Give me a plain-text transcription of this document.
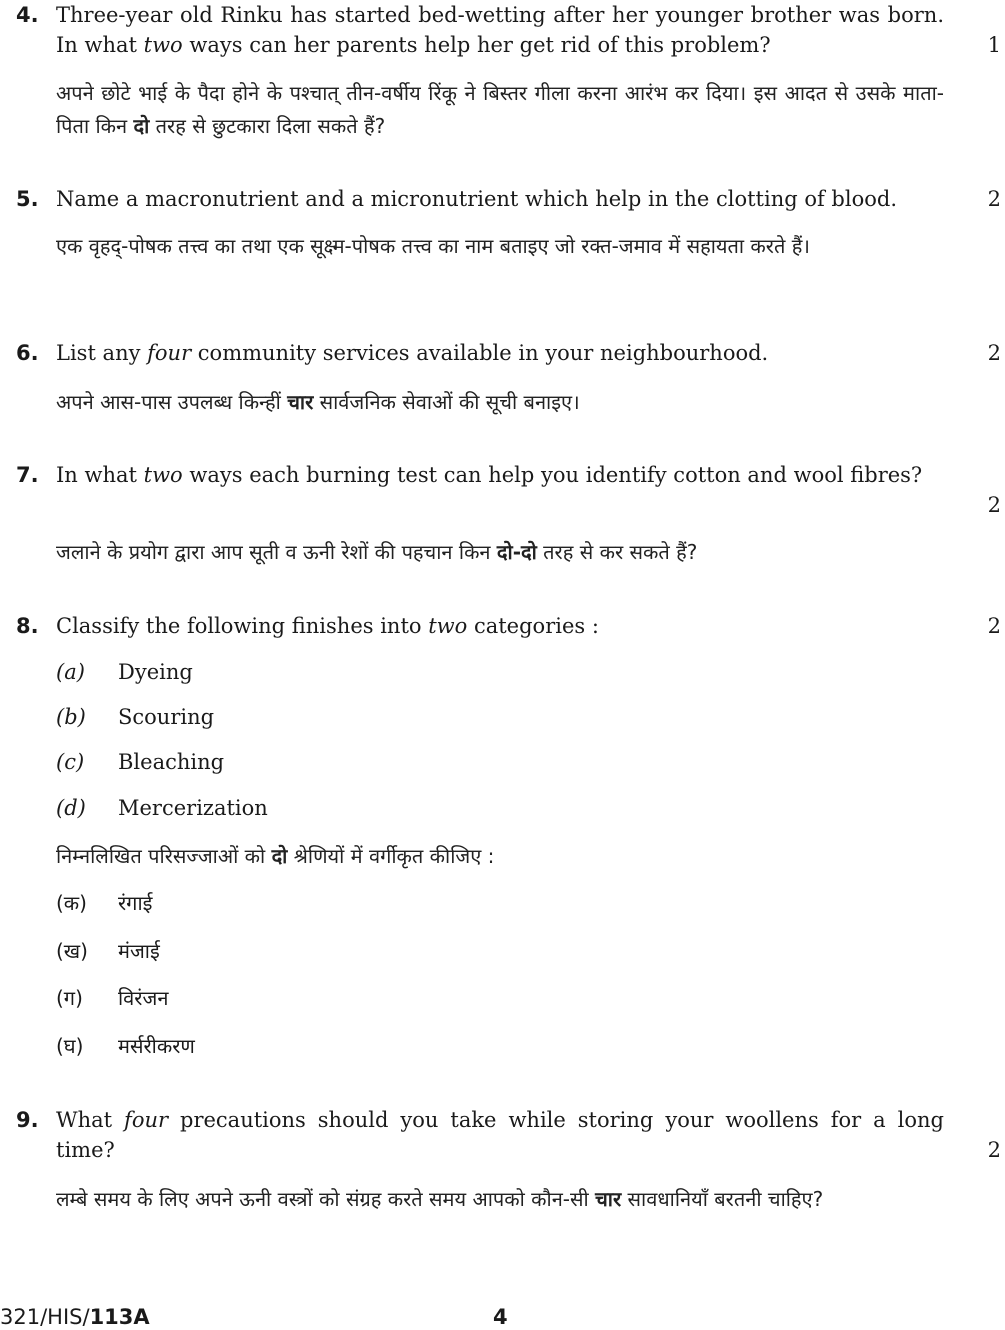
4. Three-year old Rinku has started bed-wetting after her younger brother was born. In what two ways can her parents help her get rid of this problem?	1
अपने छोटे भाई के पैदा होने के पश्चात् तीन-वर्षीय रिंकू ने बिस्तर गीला करना आरंभ कर दिया। इस आदत से उसके माता-पिता किन दो तरह से छुटकारा दिला सकते हैं?
5. Name a macronutrient and a micronutrient which help in the clotting of blood.	2
एक वृहद्-पोषक तत्त्व का तथा एक सूक्ष्म-पोषक तत्त्व का नाम बताइए जो रक्त-जमाव में सहायता करते हैं।
6. List any four community services available in your neighbourhood.	2
अपने आस-पास उपलब्ध किन्हीं चार सार्वजनिक सेवाओं की सूची बनाइए।
7. In what two ways each burning test can help you identify cotton and wool fibres?
2
जलाने के प्रयोग द्वारा आप सूती व ऊनी रेशों की पहचान किन दो-दो तरह से कर सकते हैं?
8. Classify the following finishes into two categories :	2
(a) Dyeing
(b) Scouring
(c) Bleaching
(d) Mercerization
निम्नलिखित परिसज्जाओं को दो श्रेणियों में वर्गीकृत कीजिए :
(क) रंगाई
(ख) मंजाई
(ग) विरंजन
(घ) मर्सरीकरण
9. What four precautions should you take while storing your woollens for a long time?	2
लम्बे समय के लिए अपने ऊनी वस्त्रों को संग्रह करते समय आपको कौन-सी चार सावधानियाँ बरतनी चाहिए?
321/HIS/113A	4
